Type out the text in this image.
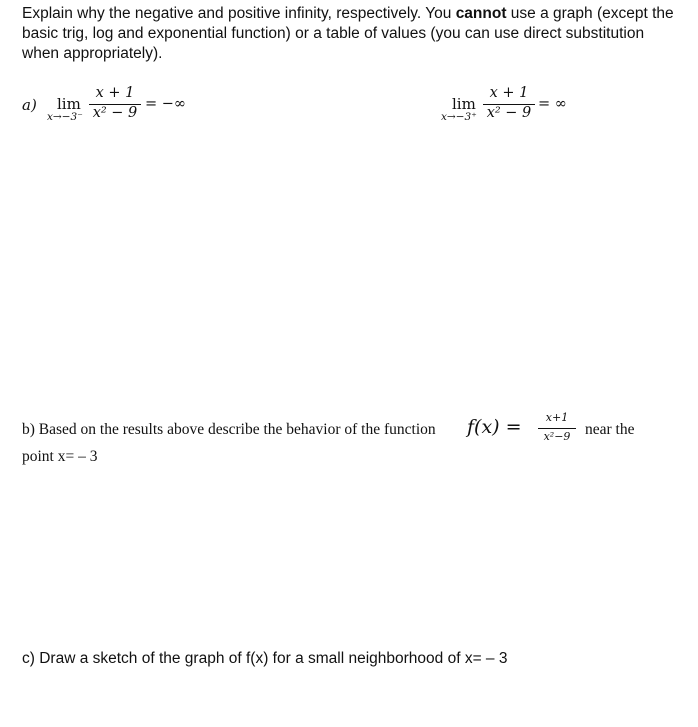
Explain why the negative and positive infinity, respectively. You cannot use a graph (except the basic trig, log and exponential function) or a table of values (you can use direct substitution when appropriately).
a) lim
x→−3⁻
x + 1
x² − 9
= −∞	lim
x→−3⁺
x + 1
x² − 9
= ∞
b) Based on the results above describe the behavior of the function f(x) =	x+1
x²−9 near the
point x= – 3
c) Draw a sketch of the graph of f(x) for a small neighborhood of x= – 3
